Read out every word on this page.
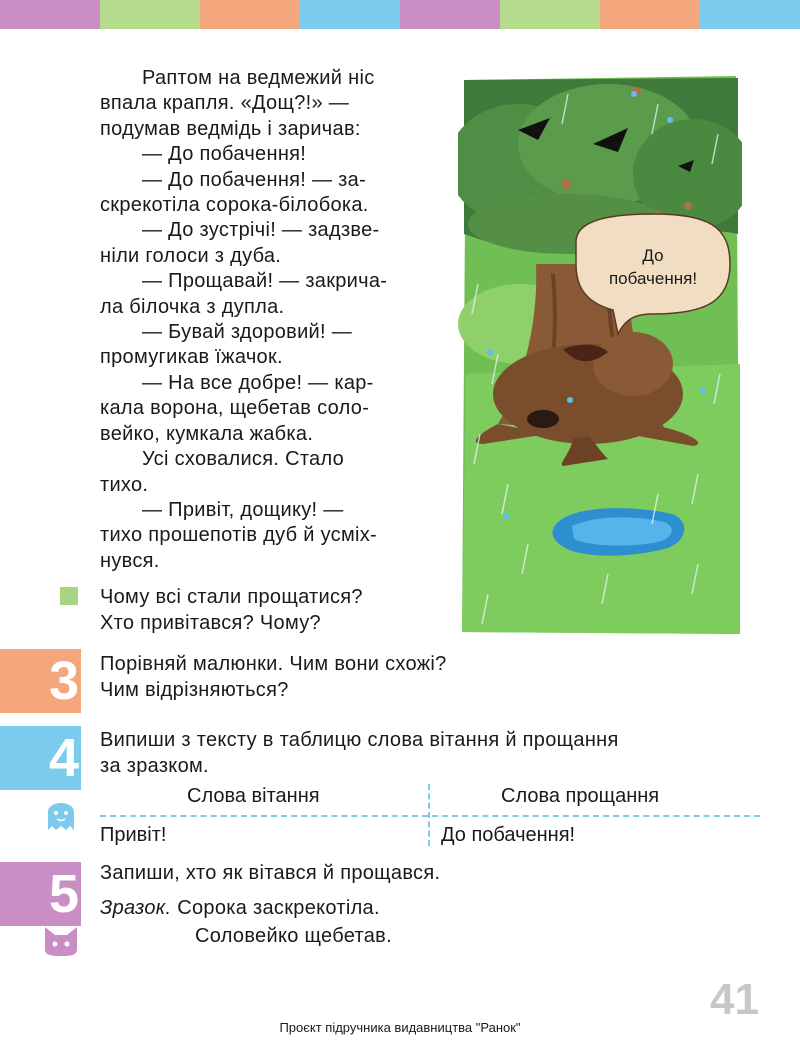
Раптом на ведмежий ніс
впала крапля. «Дощ?!» —
подумав ведмідь і заричав:
— До побачення!
— До побачення! — за-
скрекотіла сорока-білобока.
— До зустрічі! — задзве-
ніли голоси з дуба.
— Прощавай! — закрича-
ла білочка з дупла.
— Бувай здоровий! —
промугикав їжачок.
— На все добре! — кар-
кала ворона, щебетав соло-
вейко, кумкала жабка.
Усі сховалися. Стало
тихо.
— Привіт, дощику! —
тихо прошепотів дуб й усміх-
нувся.
Чому всі стали прощатися?
Хто привітався? Чому?
До
побачення!
3 Порівняй малюнки. Чим вони схожі?
Чим відрізняються?
4 Випиши з тексту в таблицю слова вітання й прощання
за зразком.
Слова вітання	Слова прощання
Привіт!	До побачення!
5 Запиши, хто як вітався й прощався.
Зразок. Сорока заскрекотіла.
Соловейко щебетав.
41
Проєкт підручника видавництва "Ранок"
